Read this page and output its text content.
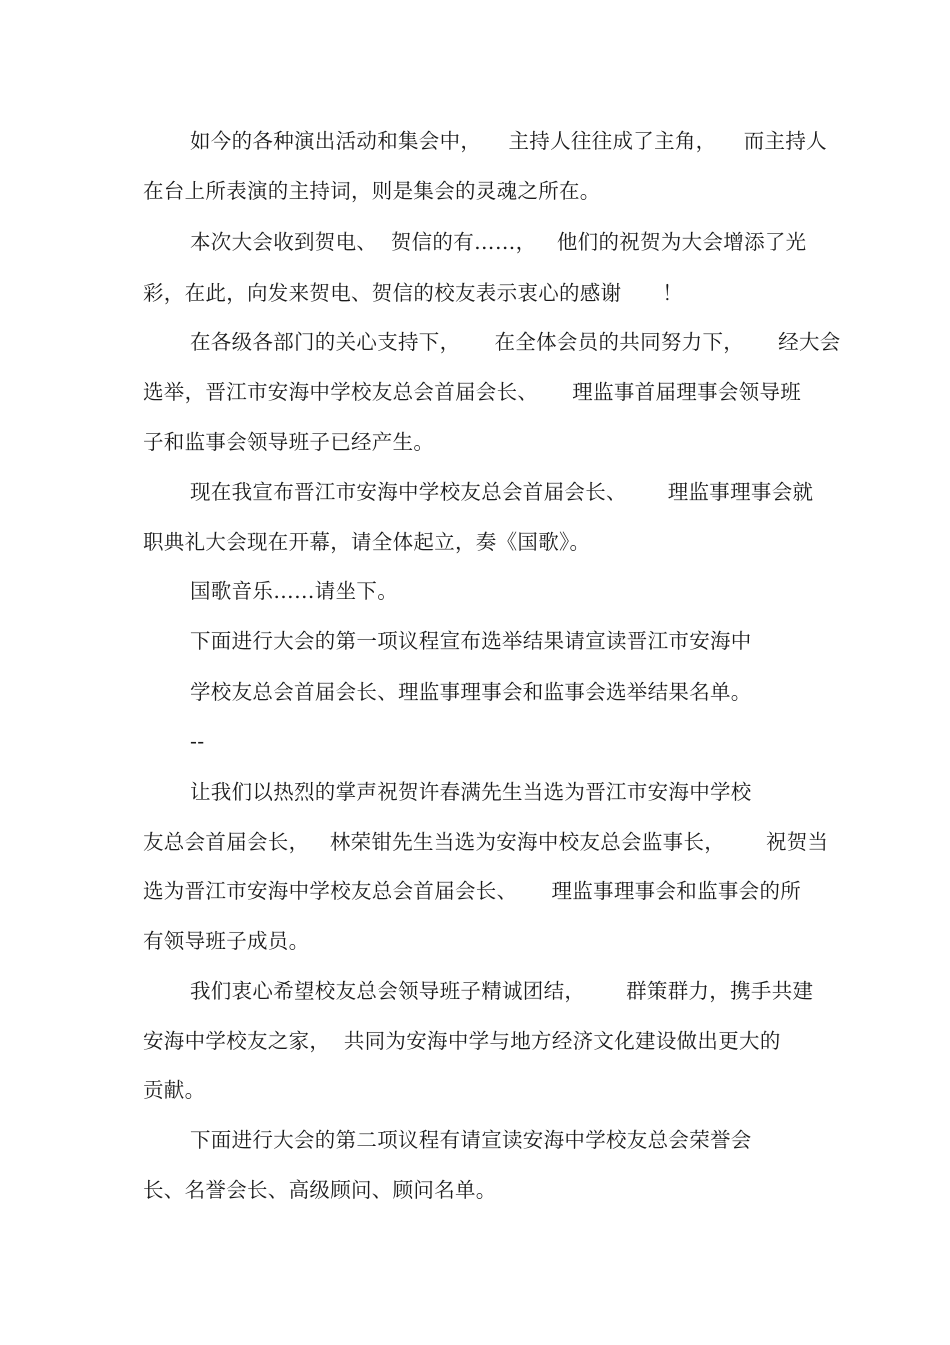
如今的各种演出活动和集会中，    主持人往往成了主角，    而主持人
在台上所表演的主持词，则是集会的灵魂之所在。
本次大会收到贺电、  贺信的有……，   他们的祝贺为大会增添了光
彩，在此，向发来贺电、贺信的校友表示衷心的感谢      ！
在各级各部门的关心支持下，     在全体会员的共同努力下，     经大会
选举，晋江市安海中学校友总会首届会长、     理监事首届理事会领导班
子和监事会领导班子已经产生。
现在我宣布晋江市安海中学校友总会首届会长、      理监事理事会就
职典礼大会现在开幕，请全体起立，奏《国歌》。
国歌音乐……请坐下。
下面进行大会的第一项议程宣布选举结果请宣读晋江市安海中
学校友总会首届会长、理监事理事会和监事会选举结果名单。
--
让我们以热烈的掌声祝贺许春满先生当选为晋江市安海中学校
友总会首届会长，   林荣钳先生当选为安海中校友总会监事长，      祝贺当
选为晋江市安海中学校友总会首届会长、     理监事理事会和监事会的所
有领导班子成员。
我们衷心希望校友总会领导班子精诚团结，      群策群力，携手共建
安海中学校友之家，  共同为安海中学与地方经济文化建设做出更大的
贡献。
下面进行大会的第二项议程有请宣读安海中学校友总会荣誉会
长、名誉会长、高级顾问、顾问名单。
